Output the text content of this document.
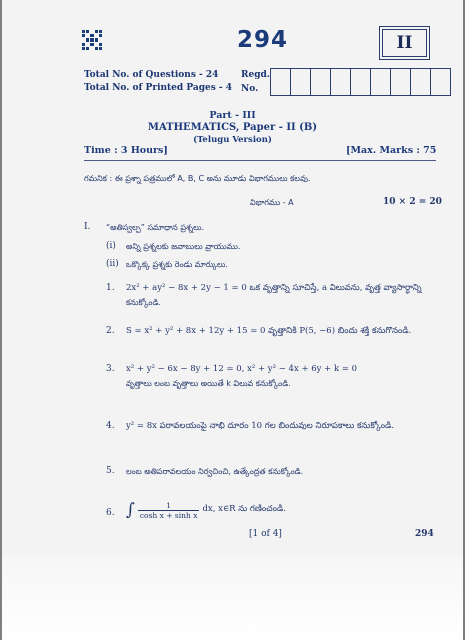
294	II
Total No. of Questions - 24
Total No. of Printed Pages - 4
Regd.
No.
Part - III
MATHEMATICS, Paper - II (B)
(Telugu Version)
Time : 3 Hours]	[Max. Marks : 75
గమనిక : ఈ ప్రశ్నా పత్రములో A, B, C అను మూడు విభాగములు కలవు.
విభాగము - A	10 × 2 = 20
I. “అతిస్వల్ప” సమాధాన ప్రశ్నలు.
(i) అన్ని ప్రశ్నలకు జవాబులు వ్రాయుము.
(ii) ఒక్కొక్క ప్రశ్నకు రెండు మార్కులు.
1. 2x² + ay² − 8x + 2y − 1 = 0 ఒక వృత్తాన్ని సూచిస్తే, a విలువను, వృత్త వ్యాసార్ధాన్ని
కనుక్కోండి.
2. S = x² + y² + 8x + 12y + 15 = 0 వృత్తానికి P(5, −6) బిందు శక్తి కనుగొనండి.
3. x² + y² − 6x − 8y + 12 = 0, x² + y² − 4x + 6y + k = 0
వృత్తాలు లంబ వృత్తాలు అయితే k విలువ కనుక్కోండి.
4. y² = 8x పరావలయంపై నాభి దూరం 10 గల బిందువుల నిరూపకాలు కనుక్కోండి.
5. లంబ అతిపరావలయం నిర్వచించి, ఉత్కేంద్రత కనుక్కోండి.
6. ∫ $\frac{1}{\text{cosh x + sinh x}}$ dx, x∈R ను గణించండి.
[1 of 4]	294
